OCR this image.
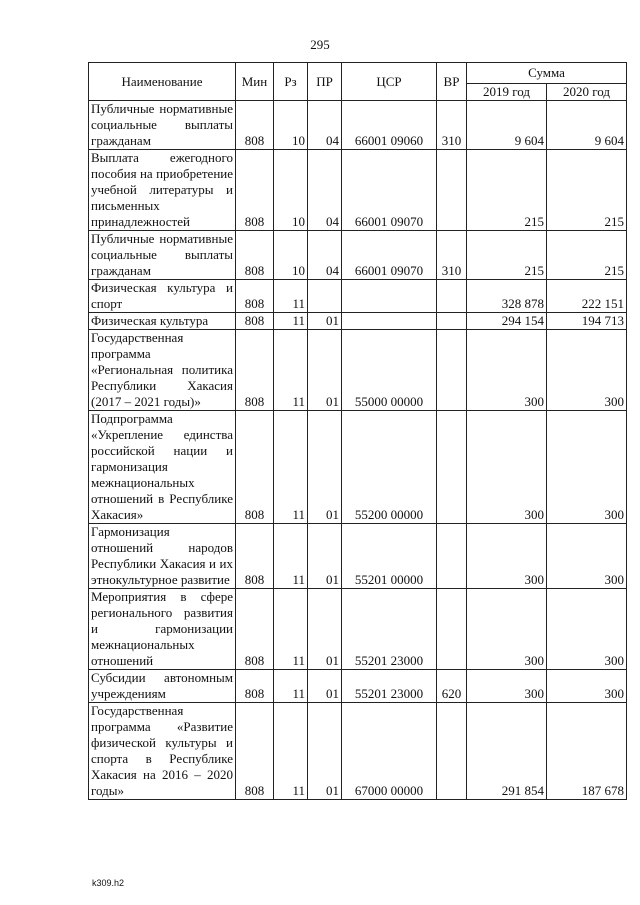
295
Наименование	Мин	Рз	ПР	ЦСР	ВР	Сумма	
						2019 год	2020 год
Публичные нормативные социальные выплаты гражданам	808	10	04	66001 09060	310	9 604	9 604
Выплата ежегодного пособия на приобретение учебной литературы и письменных принадлежностей	808	10	04	66001 09070		215	215
Публичные нормативные социальные выплаты гражданам	808	10	04	66001 09070	310	215	215
Физическая культура и спорт	808	11				328 878	222 151
Физическая культура	808	11	01			294 154	194 713
Государственная программа «Региональная политика Республики Хакасия (2017 – 2021 годы)»	808	11	01	55000 00000		300	300
Подпрограмма «Укрепление единства российской нации и гармонизация межнациональных отношений в Республике Хакасия»	808	11	01	55200 00000		300	300
Гармонизация отношений народов Республики Хакасия и их этнокультурное развитие	808	11	01	55201 00000		300	300
Мероприятия в сфере регионального развития и гармонизации межнациональных отношений	808	11	01	55201 23000		300	300
Субсидии автономным учреждениям	808	11	01	55201 23000	620	300	300
Государственная программа «Развитие физической культуры и спорта в Республике Хакасия на 2016 – 2020 годы»	808	11	01	67000 00000		291 854	187 678
k309.h2
